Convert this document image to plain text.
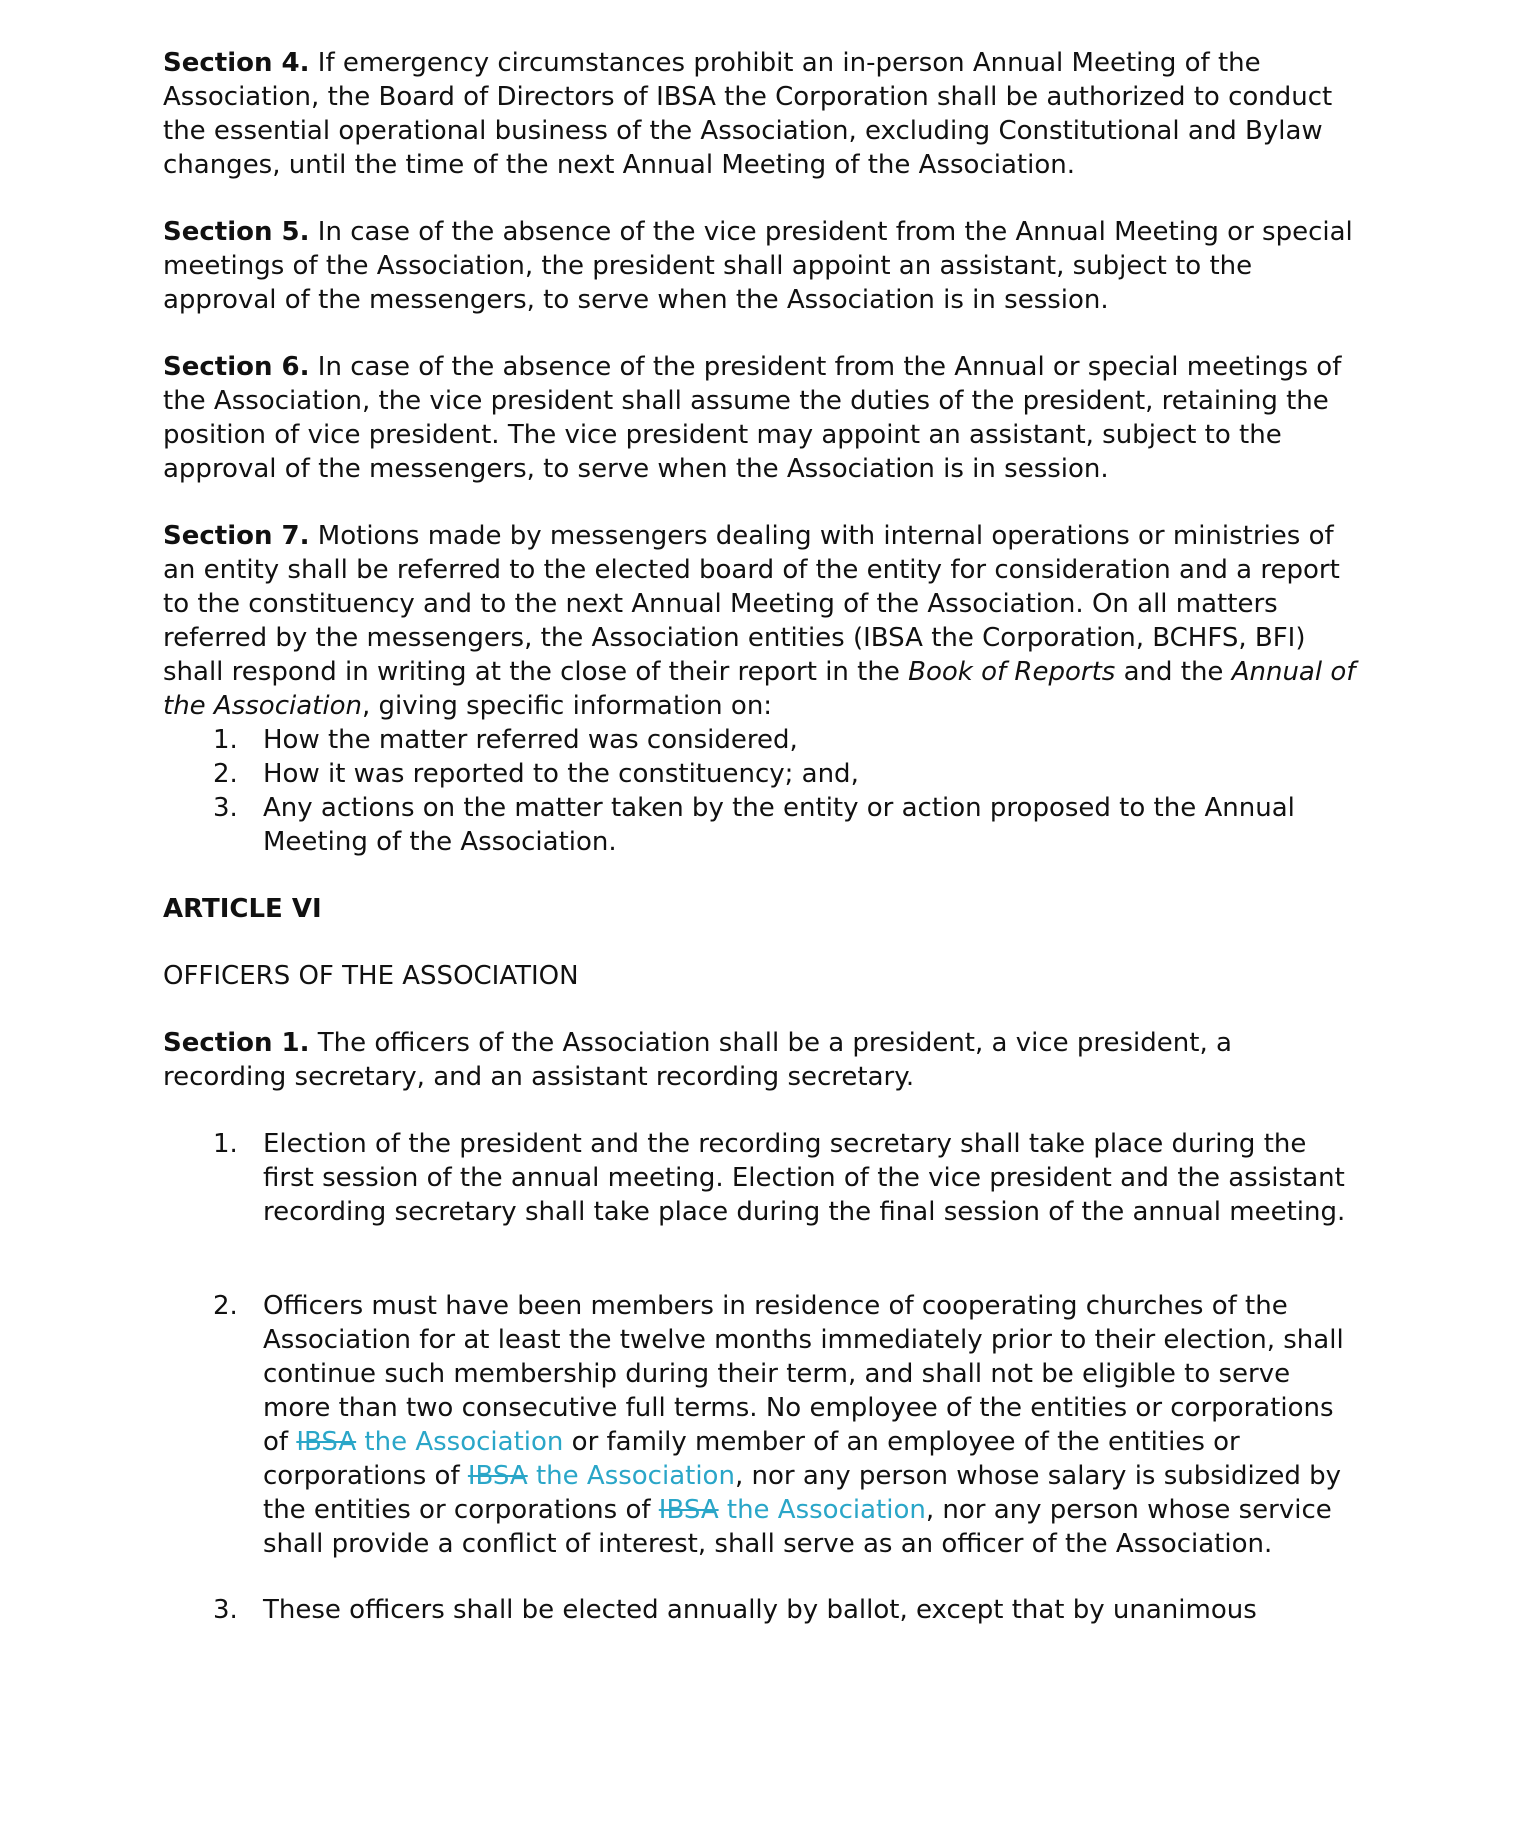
Section 4. If emergency circumstances prohibit an in-person Annual Meeting of the Association, the Board of Directors of IBSA the Corporation shall be authorized to conduct the essential operational business of the Association, excluding Constitutional and Bylaw changes, until the time of the next Annual Meeting of the Association.

Section 5. In case of the absence of the vice president from the Annual Meeting or special meetings of the Association, the president shall appoint an assistant, subject to the approval of the messengers, to serve when the Association is in session.

Section 6. In case of the absence of the president from the Annual or special meetings of the Association, the vice president shall assume the duties of the president, retaining the position of vice president. The vice president may appoint an assistant, subject to the approval of the messengers, to serve when the Association is in session.

Section 7. Motions made by messengers dealing with internal operations or ministries of an entity shall be referred to the elected board of the entity for consideration and a report to the constituency and to the next Annual Meeting of the Association. On all matters referred by the messengers, the Association entities (IBSA the Corporation, BCHFS, BFI) shall respond in writing at the close of their report in the Book of Reports and the Annual of the Association, giving specific information on:

1. How the matter referred was considered,
2. How it was reported to the constituency; and,
3. Any actions on the matter taken by the entity or action proposed to the Annual Meeting of the Association.
ARTICLE VI
OFFICERS OF THE ASSOCIATION

Section 1. The officers of the Association shall be a president, a vice president, a recording secretary, and an assistant recording secretary.

1. Election of the president and the recording secretary shall take place during the first session of the annual meeting. Election of the vice president and the assistant recording secretary shall take place during the final session of the annual meeting.
2. Officers must have been members in residence of cooperating churches of the Association for at least the twelve months immediately prior to their election, shall continue such membership during their term, and shall not be eligible to serve more than two consecutive full terms. No employee of the entities or corporations of IBSA the Association or family member of an employee of the entities or corporations of IBSA the Association, nor any person whose salary is subsidized by the entities or corporations of IBSA the Association, nor any person whose service shall provide a conflict of interest, shall serve as an officer of the Association.
3. These officers shall be elected annually by ballot, except that by unanimous
